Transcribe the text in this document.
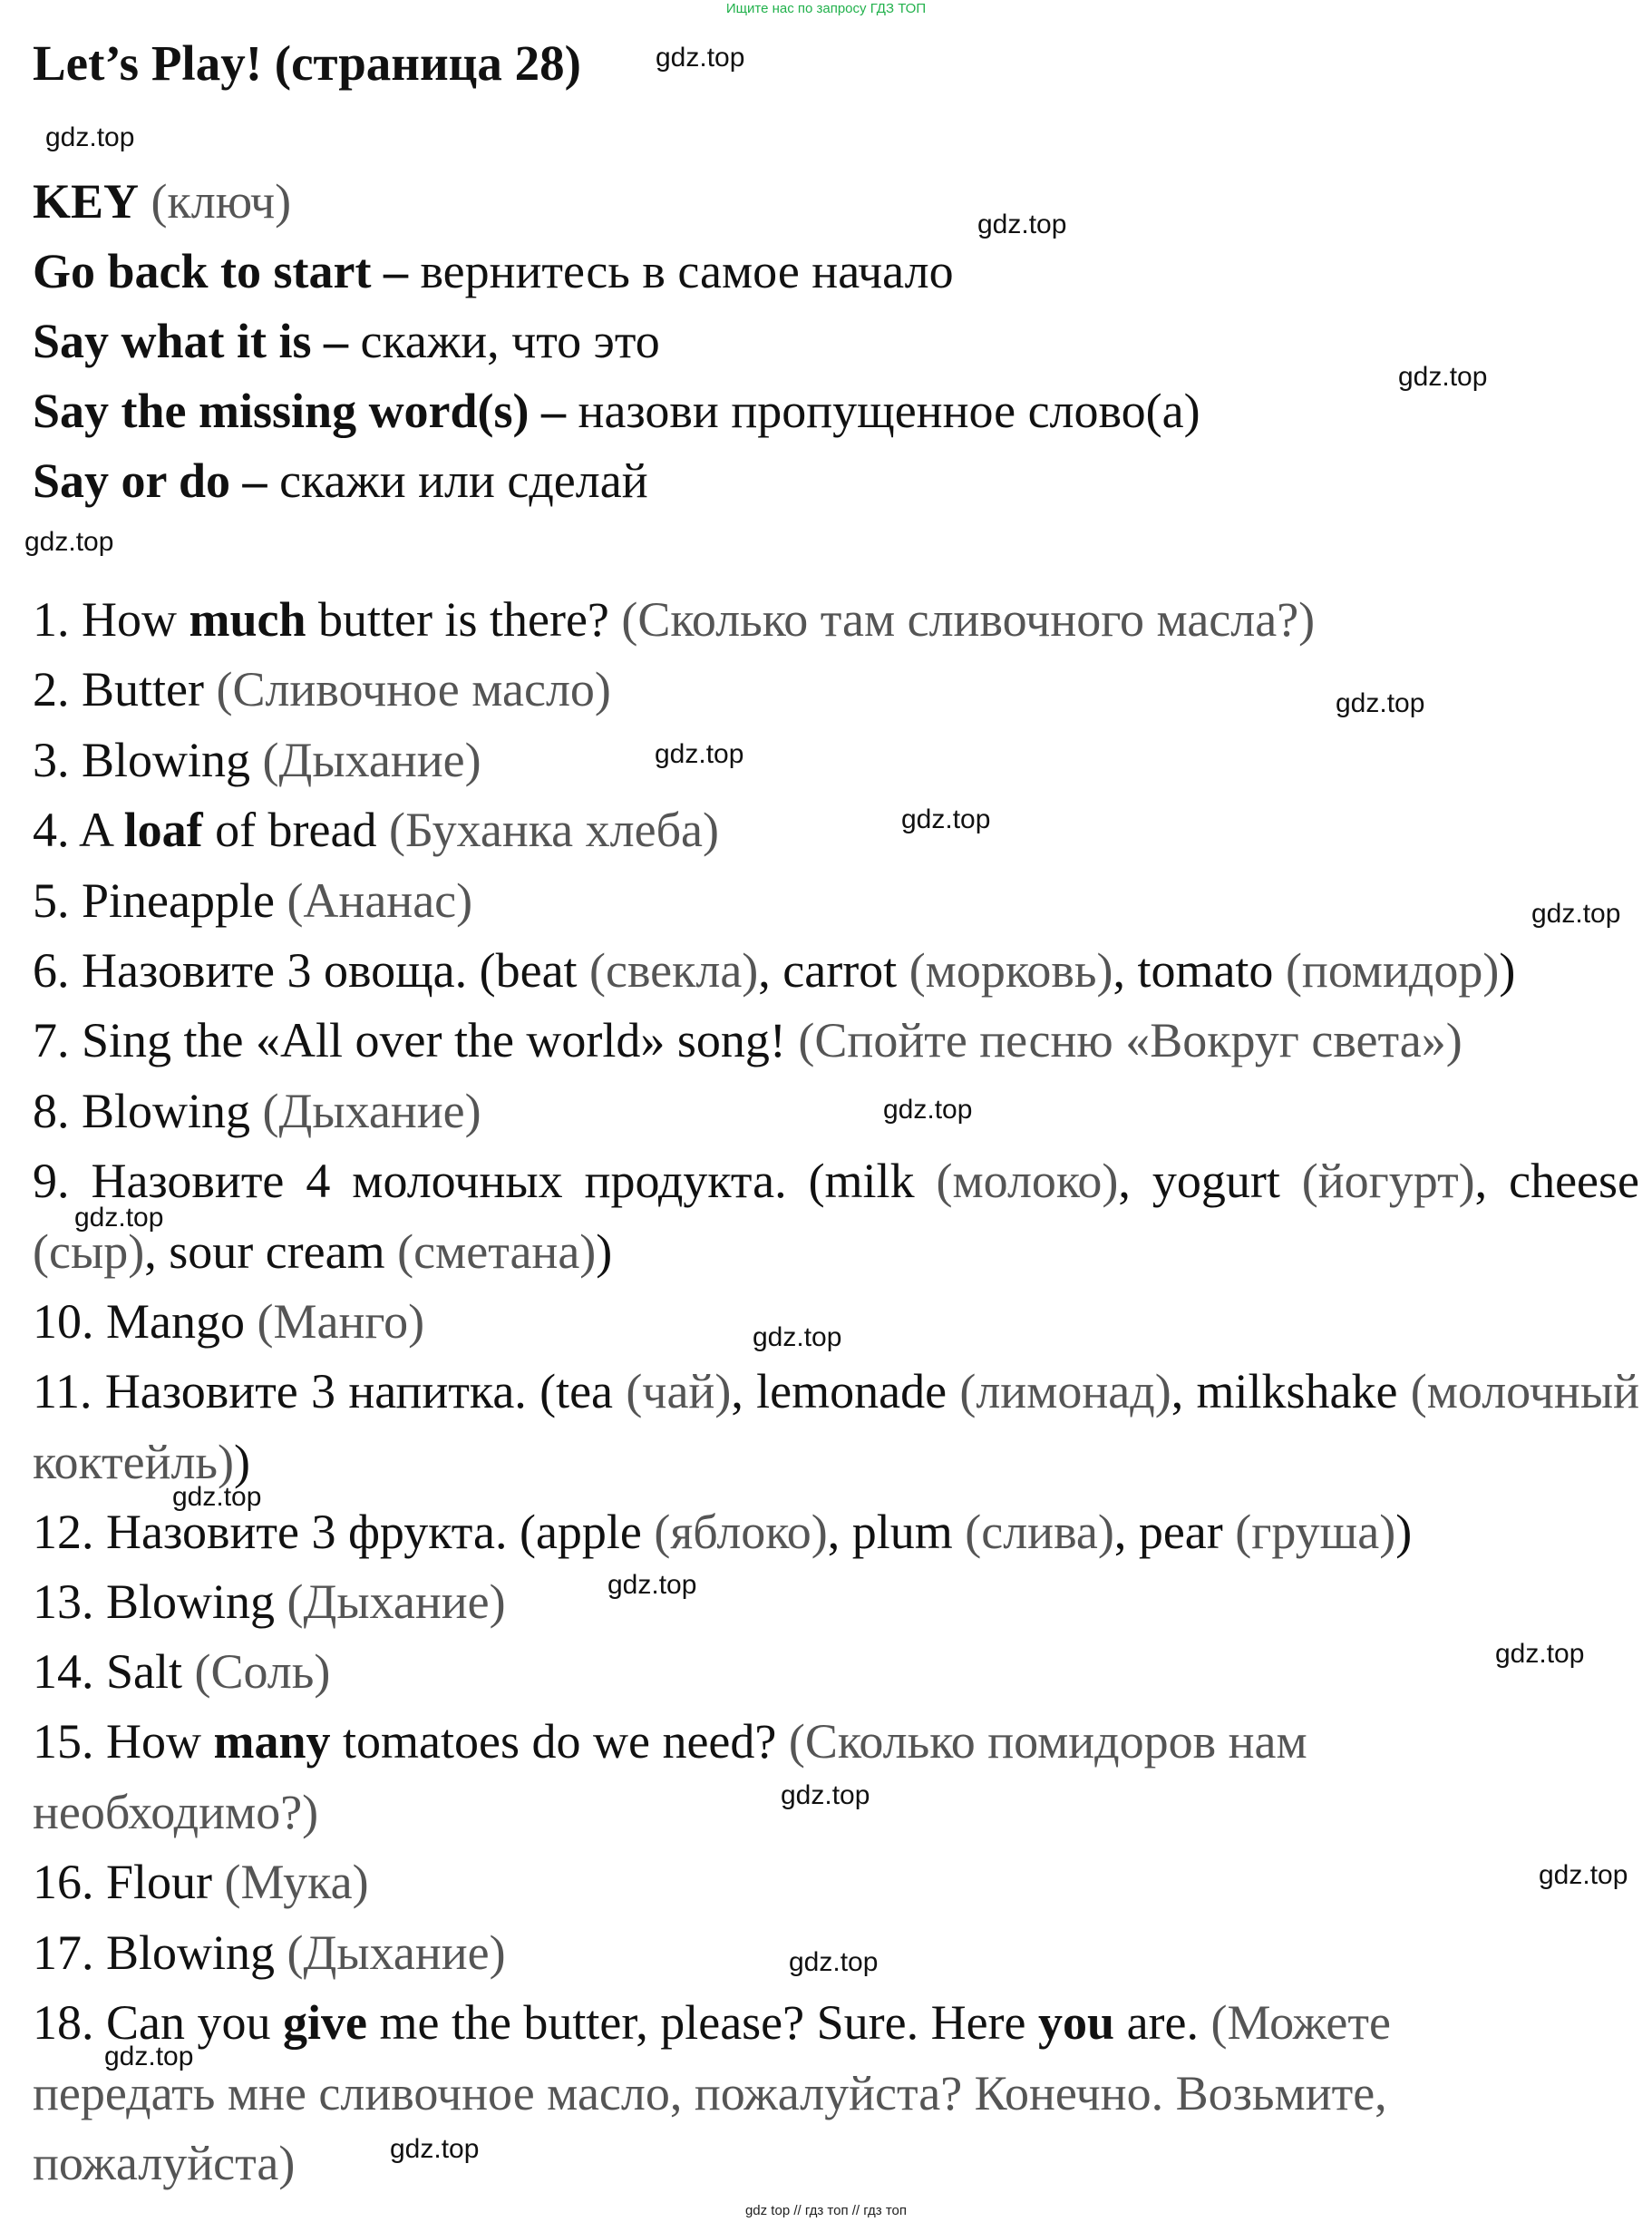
Ищите нас по запросу ГДЗ ТОП
Let’s Play! (страница 28)
KEY (ключ)
Go back to start – вернитесь в самое начало
Say what it is – скажи, что это
Say the missing word(s) – назови пропущенное слово(а)
Say or do – скажи или сделай
1. How much butter is there? (Сколько там сливочного масла?)
2. Butter (Сливочное масло)
3. Blowing (Дыхание)
4. A loaf of bread (Буханка хлеба)
5. Pineapple (Ананас)
6. Назовите 3 овоща. (beat (свекла), carrot (морковь), tomato (помидор))
7. Sing the «All over the world» song! (Спойте песню «Вокруг света»)
8. Blowing (Дыхание)
9. Назовите 4 молочных продукта. (milk (молоко), yogurt (йогурт), cheese (сыр), sour cream (сметана))
10. Mango (Манго)
11. Назовите 3 напитка. (tea (чай), lemonade (лимонад), milkshake (молочный коктейль))
12. Назовите 3 фрукта. (apple (яблоко), plum (слива), pear (груша))
13. Blowing (Дыхание)
14. Salt (Соль)
15. How many tomatoes do we need? (Сколько помидоров нам необходимо?)
16. Flour (Мука)
17. Blowing (Дыхание)
18. Can you give me the butter, please? Sure. Here you are. (Можете передать мне сливочное масло, пожалуйста? Конечно. Возьмите, пожалуйста)
gdz.top
gdz.top
gdz.top
gdz.top
gdz.top
gdz.top
gdz.top
gdz.top
gdz.top
gdz.top
gdz.top
gdz.top
gdz.top
gdz.top
gdz.top
gdz.top
gdz.top
gdz.top
gdz.top
gdz.top
gdz top // гдз топ // гдз топ
